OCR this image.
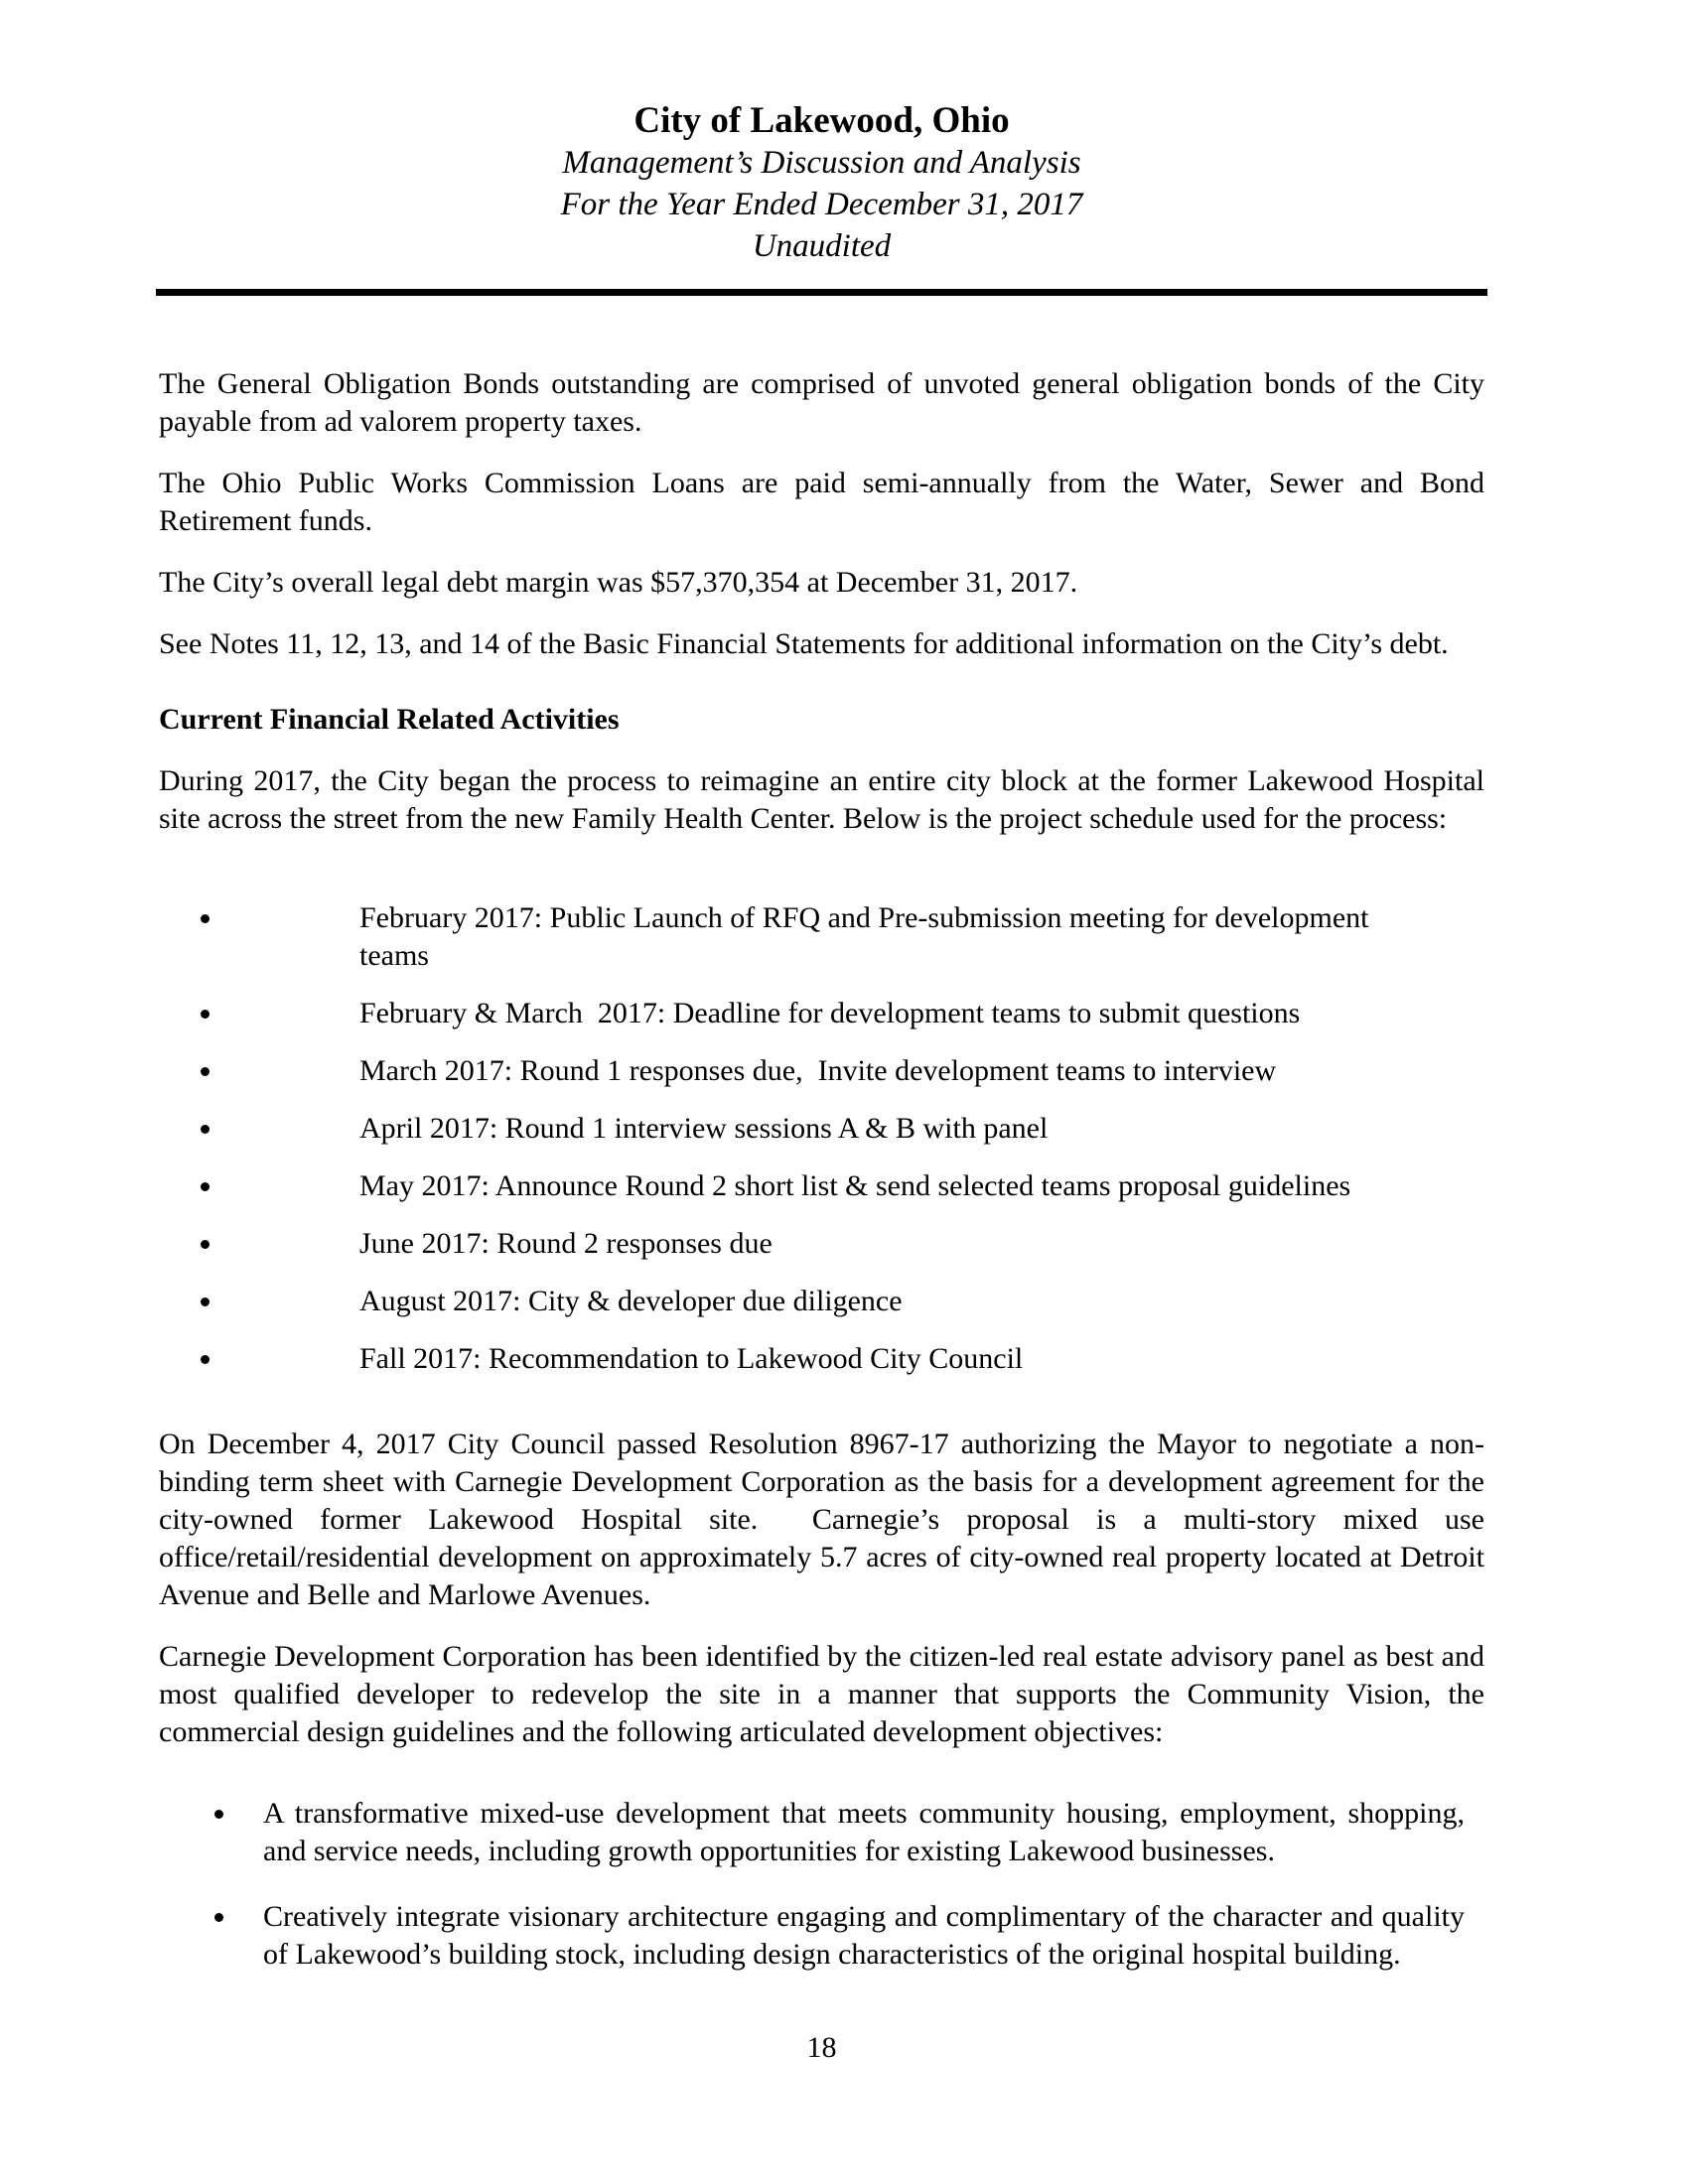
City of Lakewood, Ohio
Management’s Discussion and Analysis
For the Year Ended December 31, 2017
Unaudited

The General Obligation Bonds outstanding are comprised of unvoted general obligation bonds of the City payable from ad valorem property taxes.

The Ohio Public Works Commission Loans are paid semi-annually from the Water, Sewer and Bond Retirement funds.

The City’s overall legal debt margin was $57,370,354 at December 31, 2017.

See Notes 11, 12, 13, and 14 of the Basic Financial Statements for additional information on the City’s debt.

Current Financial Related Activities

During 2017, the City began the process to reimagine an entire city block at the former Lakewood Hospital site across the street from the new Family Health Center. Below is the project schedule used for the process:

February 2017: Public Launch of RFQ and Pre-submission meeting for development teams
February & March  2017: Deadline for development teams to submit questions
March 2017: Round 1 responses due,  Invite development teams to interview
April 2017: Round 1 interview sessions A & B with panel
May 2017: Announce Round 2 short list & send selected teams proposal guidelines
June 2017: Round 2 responses due
August 2017: City & developer due diligence
Fall 2017: Recommendation to Lakewood City Council

On December 4, 2017 City Council passed Resolution 8967-17 authorizing the Mayor to negotiate a non-binding term sheet with Carnegie Development Corporation as the basis for a development agreement for the city-owned former Lakewood Hospital site.  Carnegie’s proposal is a multi-story mixed use office/retail/residential development on approximately 5.7 acres of city-owned real property located at Detroit Avenue and Belle and Marlowe Avenues.

Carnegie Development Corporation has been identified by the citizen-led real estate advisory panel as best and most qualified developer to redevelop the site in a manner that supports the Community Vision, the commercial design guidelines and the following articulated development objectives:

A transformative mixed-use development that meets community housing, employment, shopping, and service needs, including growth opportunities for existing Lakewood businesses.
Creatively integrate visionary architecture engaging and complimentary of the character and quality of Lakewood’s building stock, including design characteristics of the original hospital building.
18
